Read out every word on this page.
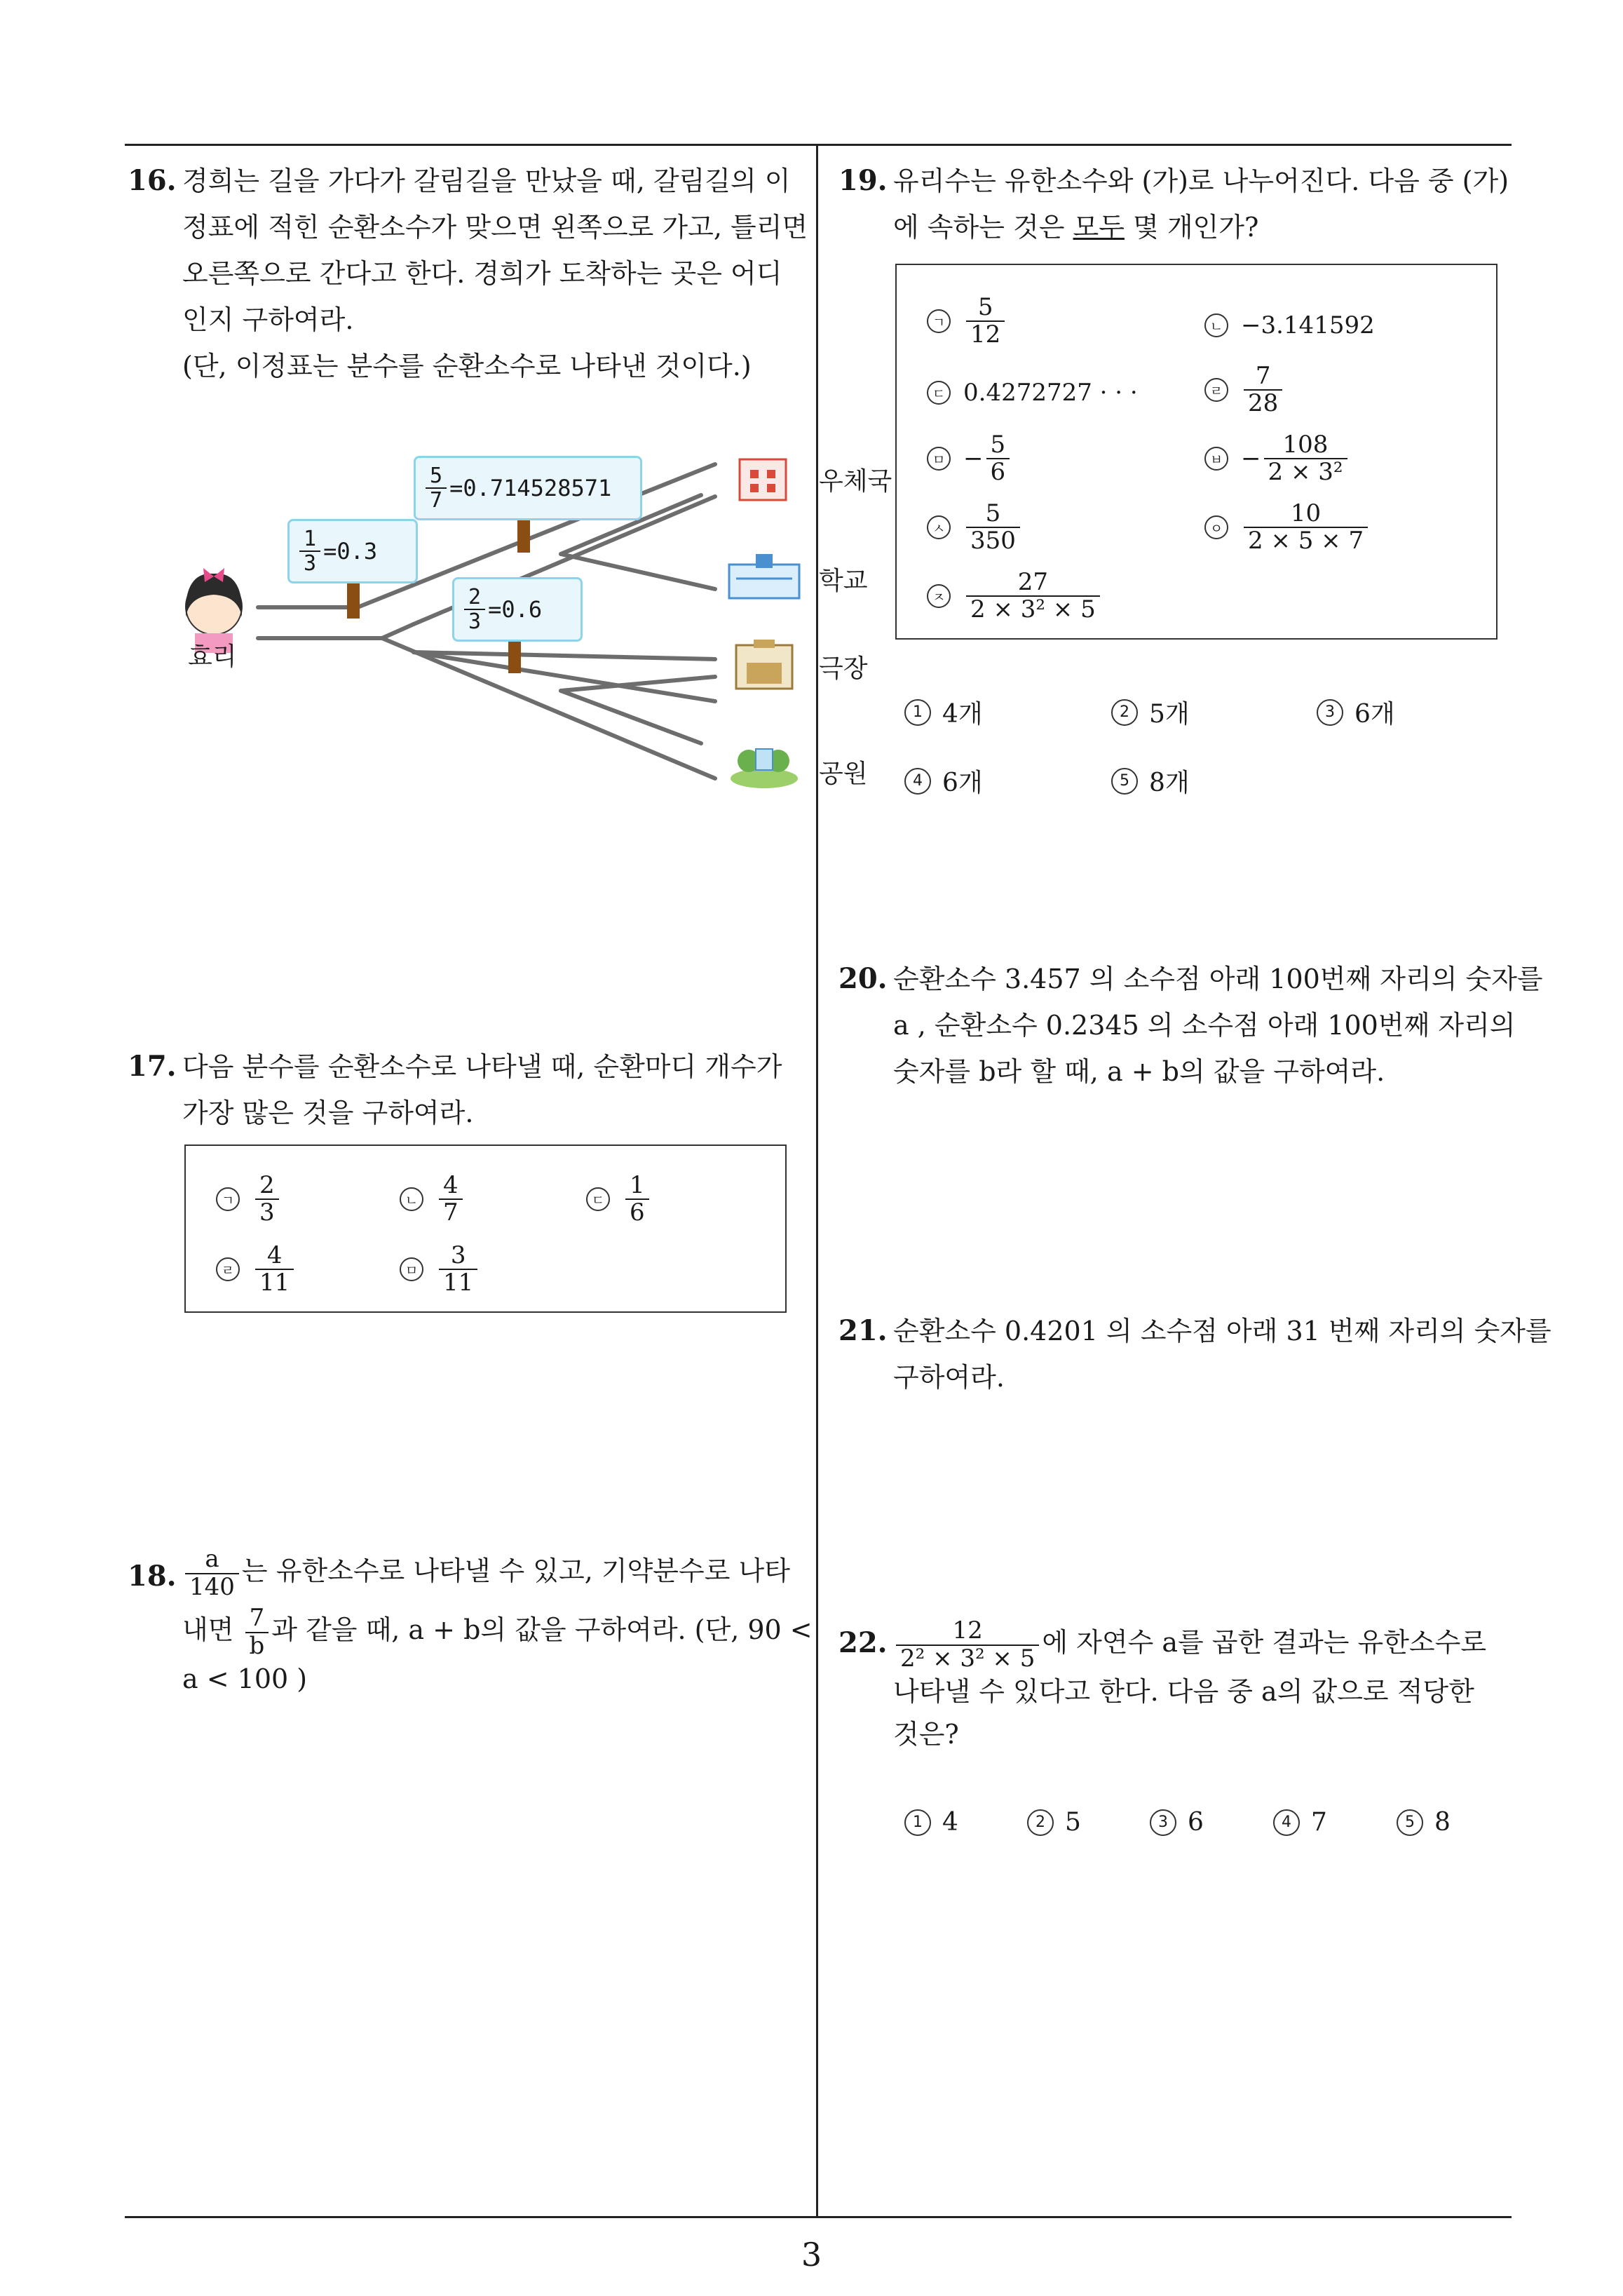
16. 경희는 길을 가다가 갈림길을 만났을 때, 갈림길의 이
정표에 적힌 순환소수가 맞으면 왼쪽으로 가고, 틀리면
오른쪽으로 간다고 한다. 경희가 도착하는 곳은 어디
인지 구하여라.
(단, 이정표는 분수를 순환소수로 나타낸 것이다.)
효리
$\frac{1}{3} =0.3$
$\frac{5}{7} =0.714528571$
$\frac{2}{3} =0.6$
우체국
학교
극장
공원
17. 다음 분수를 순환소수로 나타낼 때, 순환마디 개수가
가장 많은 것을 구하여라.
ㄱ $\frac{2}{3}$	ㄴ $\frac{4}{7}$	ㄷ $\frac{1}{6}$
ㄹ $\frac{4}{11}$	ㅁ $\frac{3}{11}$
18. $\frac{a}{140}$ 는 유한소수로 나타낼 수 있고, 기약분수로 나타
내면 $\frac{7}{b}$ 과 같을 때, a + b의 값을 구하여라. (단, 90 <
a < 100 )
19. 유리수는 유한소수와 (가)로 나누어진다. 다음 중 (가)
에 속하는 것은 모두 몇 개인가?
ㄱ $\frac{5}{12}$	ㄴ −3.141592
ㄷ 0.4272727 · · ·	ㄹ $\frac{7}{28}$
ㅁ − $\frac{5}{6}$	ㅂ − $\frac{108}{\text{2 × 3²}}$
ㅅ $\frac{5}{350}$	ㅇ $\frac{10}{2 \times 5 \times 7}$
ㅈ $\frac{27}{\text{2 × 3² × 5}}$
1 4개	2 5개	3 6개
4 6개	5 8개
20. 순환소수 3.457 의 소수점 아래 100번째 자리의 숫자를
a , 순환소수 0.2345 의 소수점 아래 100번째 자리의
숫자를 b라 할 때, a + b의 값을 구하여라.
21. 순환소수 0.4201 의 소수점 아래 31 번째 자리의 숫자를
구하여라.
22. $\frac{12}{\text{2² × 3² × 5}}$ 에 자연수 a를 곱한 결과는 유한소수로
나타낼 수 있다고 한다. 다음 중 a의 값으로 적당한
것은?
1 4	2 5	3 6	4 7	5 8
3
